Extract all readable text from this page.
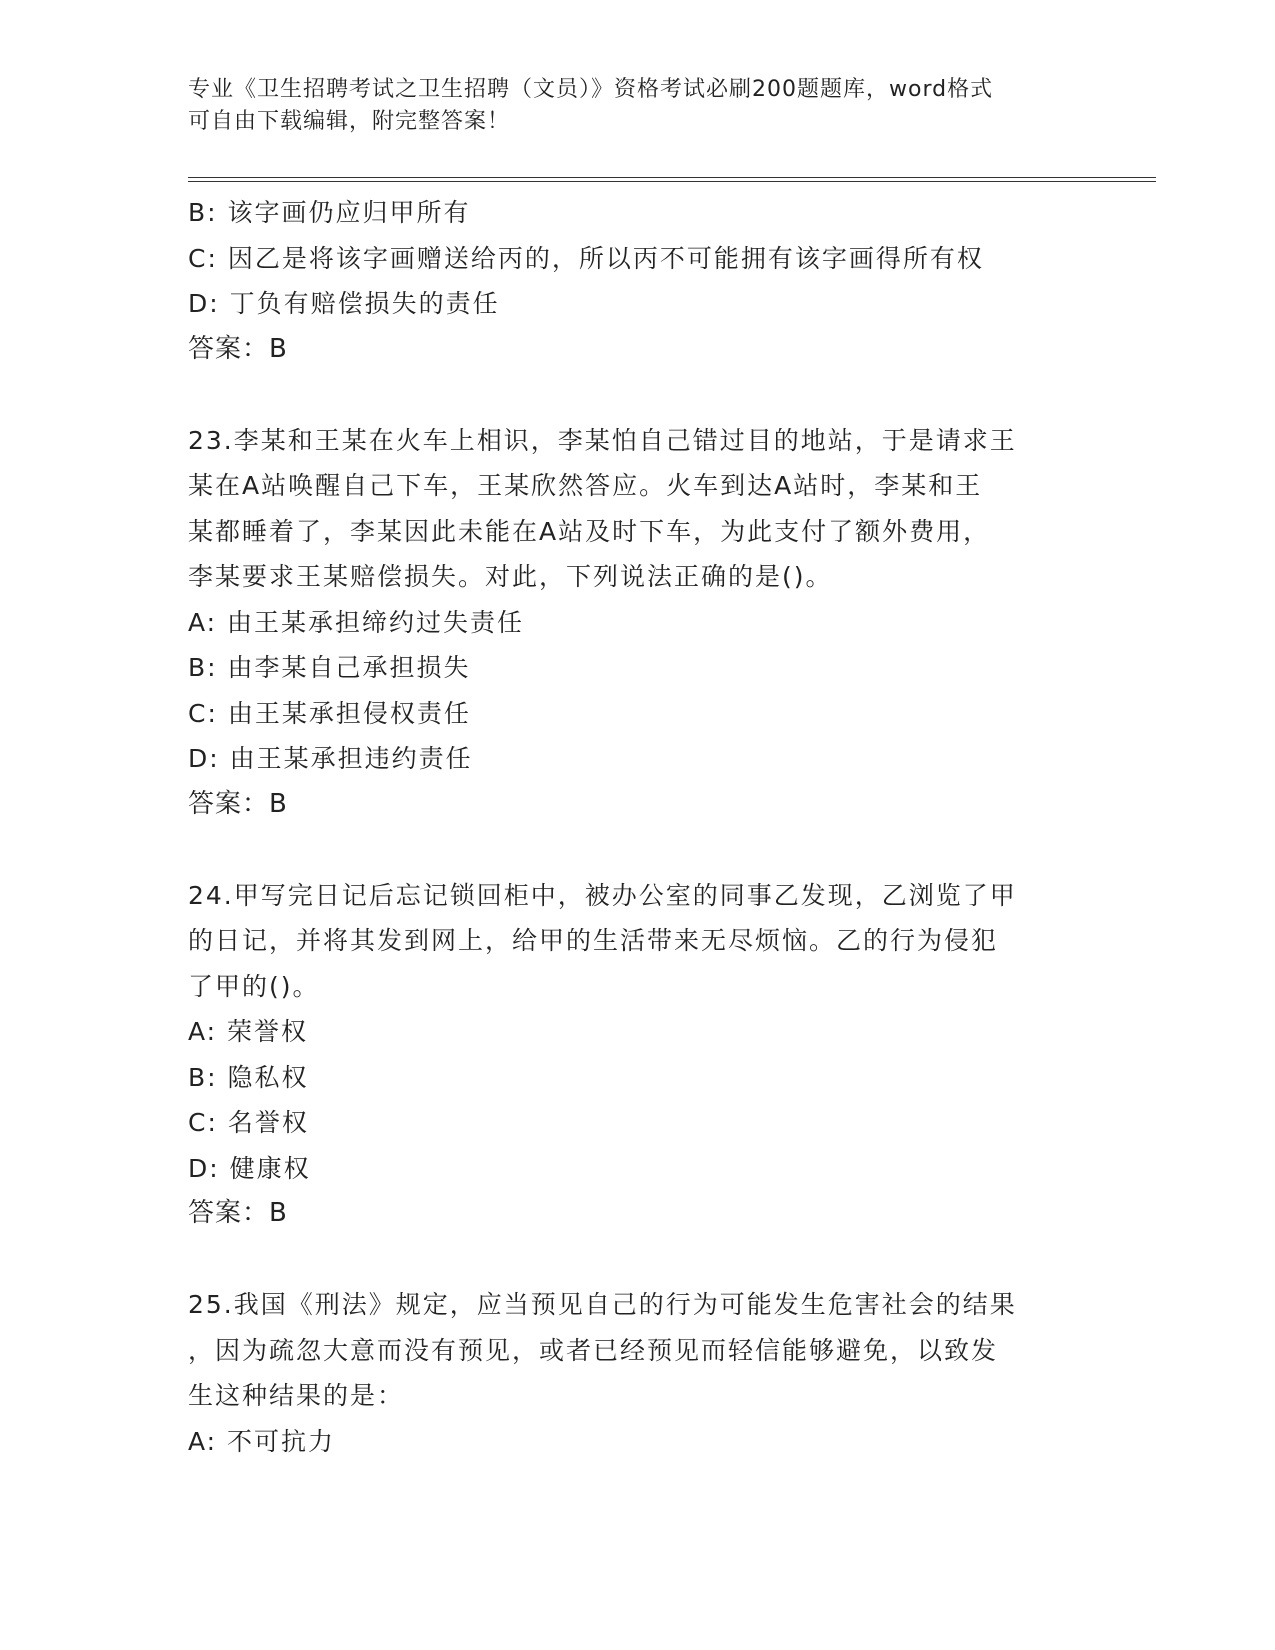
专业《卫生招聘考试之卫生招聘（文员）》资格考试必刷200题题库，word格式
可自由下载编辑，附完整答案！
B: 该字画仍应归甲所有
C: 因乙是将该字画赠送给丙的，所以丙不可能拥有该字画得所有权
D: 丁负有赔偿损失的责任
答案：B
23.李某和王某在火车上相识，李某怕自己错过目的地站，于是请求王
某在A站唤醒自己下车，王某欣然答应。火车到达A站时，李某和王
某都睡着了，李某因此未能在A站及时下车，为此支付了额外费用，
李某要求王某赔偿损失。对此，下列说法正确的是()。
A: 由王某承担缔约过失责任
B: 由李某自己承担损失
C: 由王某承担侵权责任
D: 由王某承担违约责任
答案：B
24.甲写完日记后忘记锁回柜中，被办公室的同事乙发现，乙浏览了甲
的日记，并将其发到网上，给甲的生活带来无尽烦恼。乙的行为侵犯
了甲的()。
A: 荣誉权
B: 隐私权
C: 名誉权
D: 健康权
答案：B
25.我国《刑法》规定，应当预见自己的行为可能发生危害社会的结果
，因为疏忽大意而没有预见，或者已经预见而轻信能够避免，以致发
生这种结果的是：
A: 不可抗力
